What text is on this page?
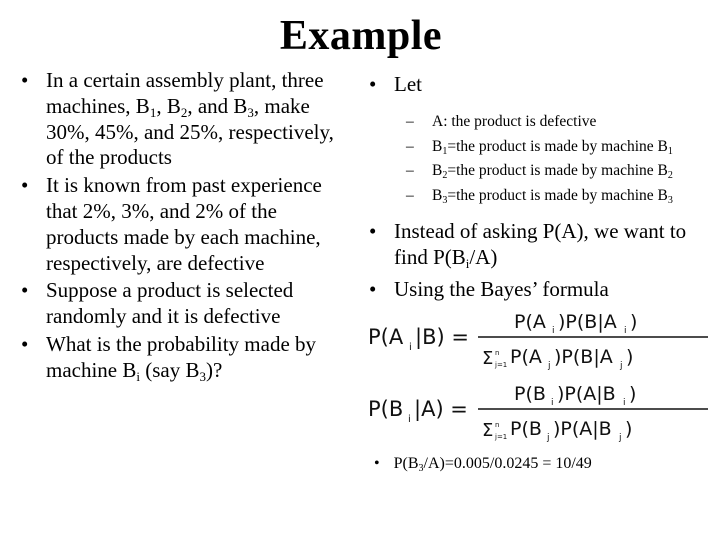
Example
• In a certain assembly plant, three machines, $B_1$, $B_2$, and $B_3$, make 30%, 45%, and 25%, respectively, of the products
• It is known from past experience that 2%, 3%, and 2% of the products made by each machine, respectively, are defective
• Suppose a product is selected randomly and it is defective
• What is the probability made by machine $B_i$ (say $B_3$)?
• Let
– A: the product is defective
– $B_1=the$ product is made by machine $B_1$
– $B_2=the$ product is made by machine $B_2$
– $B_3=the$ product is made by machine $B_3$
• Instead of asking P(A), we want to find $P(B_i/A)$
• Using the Bayes’ formula
P(A i |B) =
P(A i )P(B|A i )
Σ n
j=1 P(A j )P(B|A j )
P(B i |A) =
P(B i )P(A|B i )
Σ n
j=1 P(B j )P(A|B j )
• $P(B_3/A)=0.005/0.0245 = 10/49$
